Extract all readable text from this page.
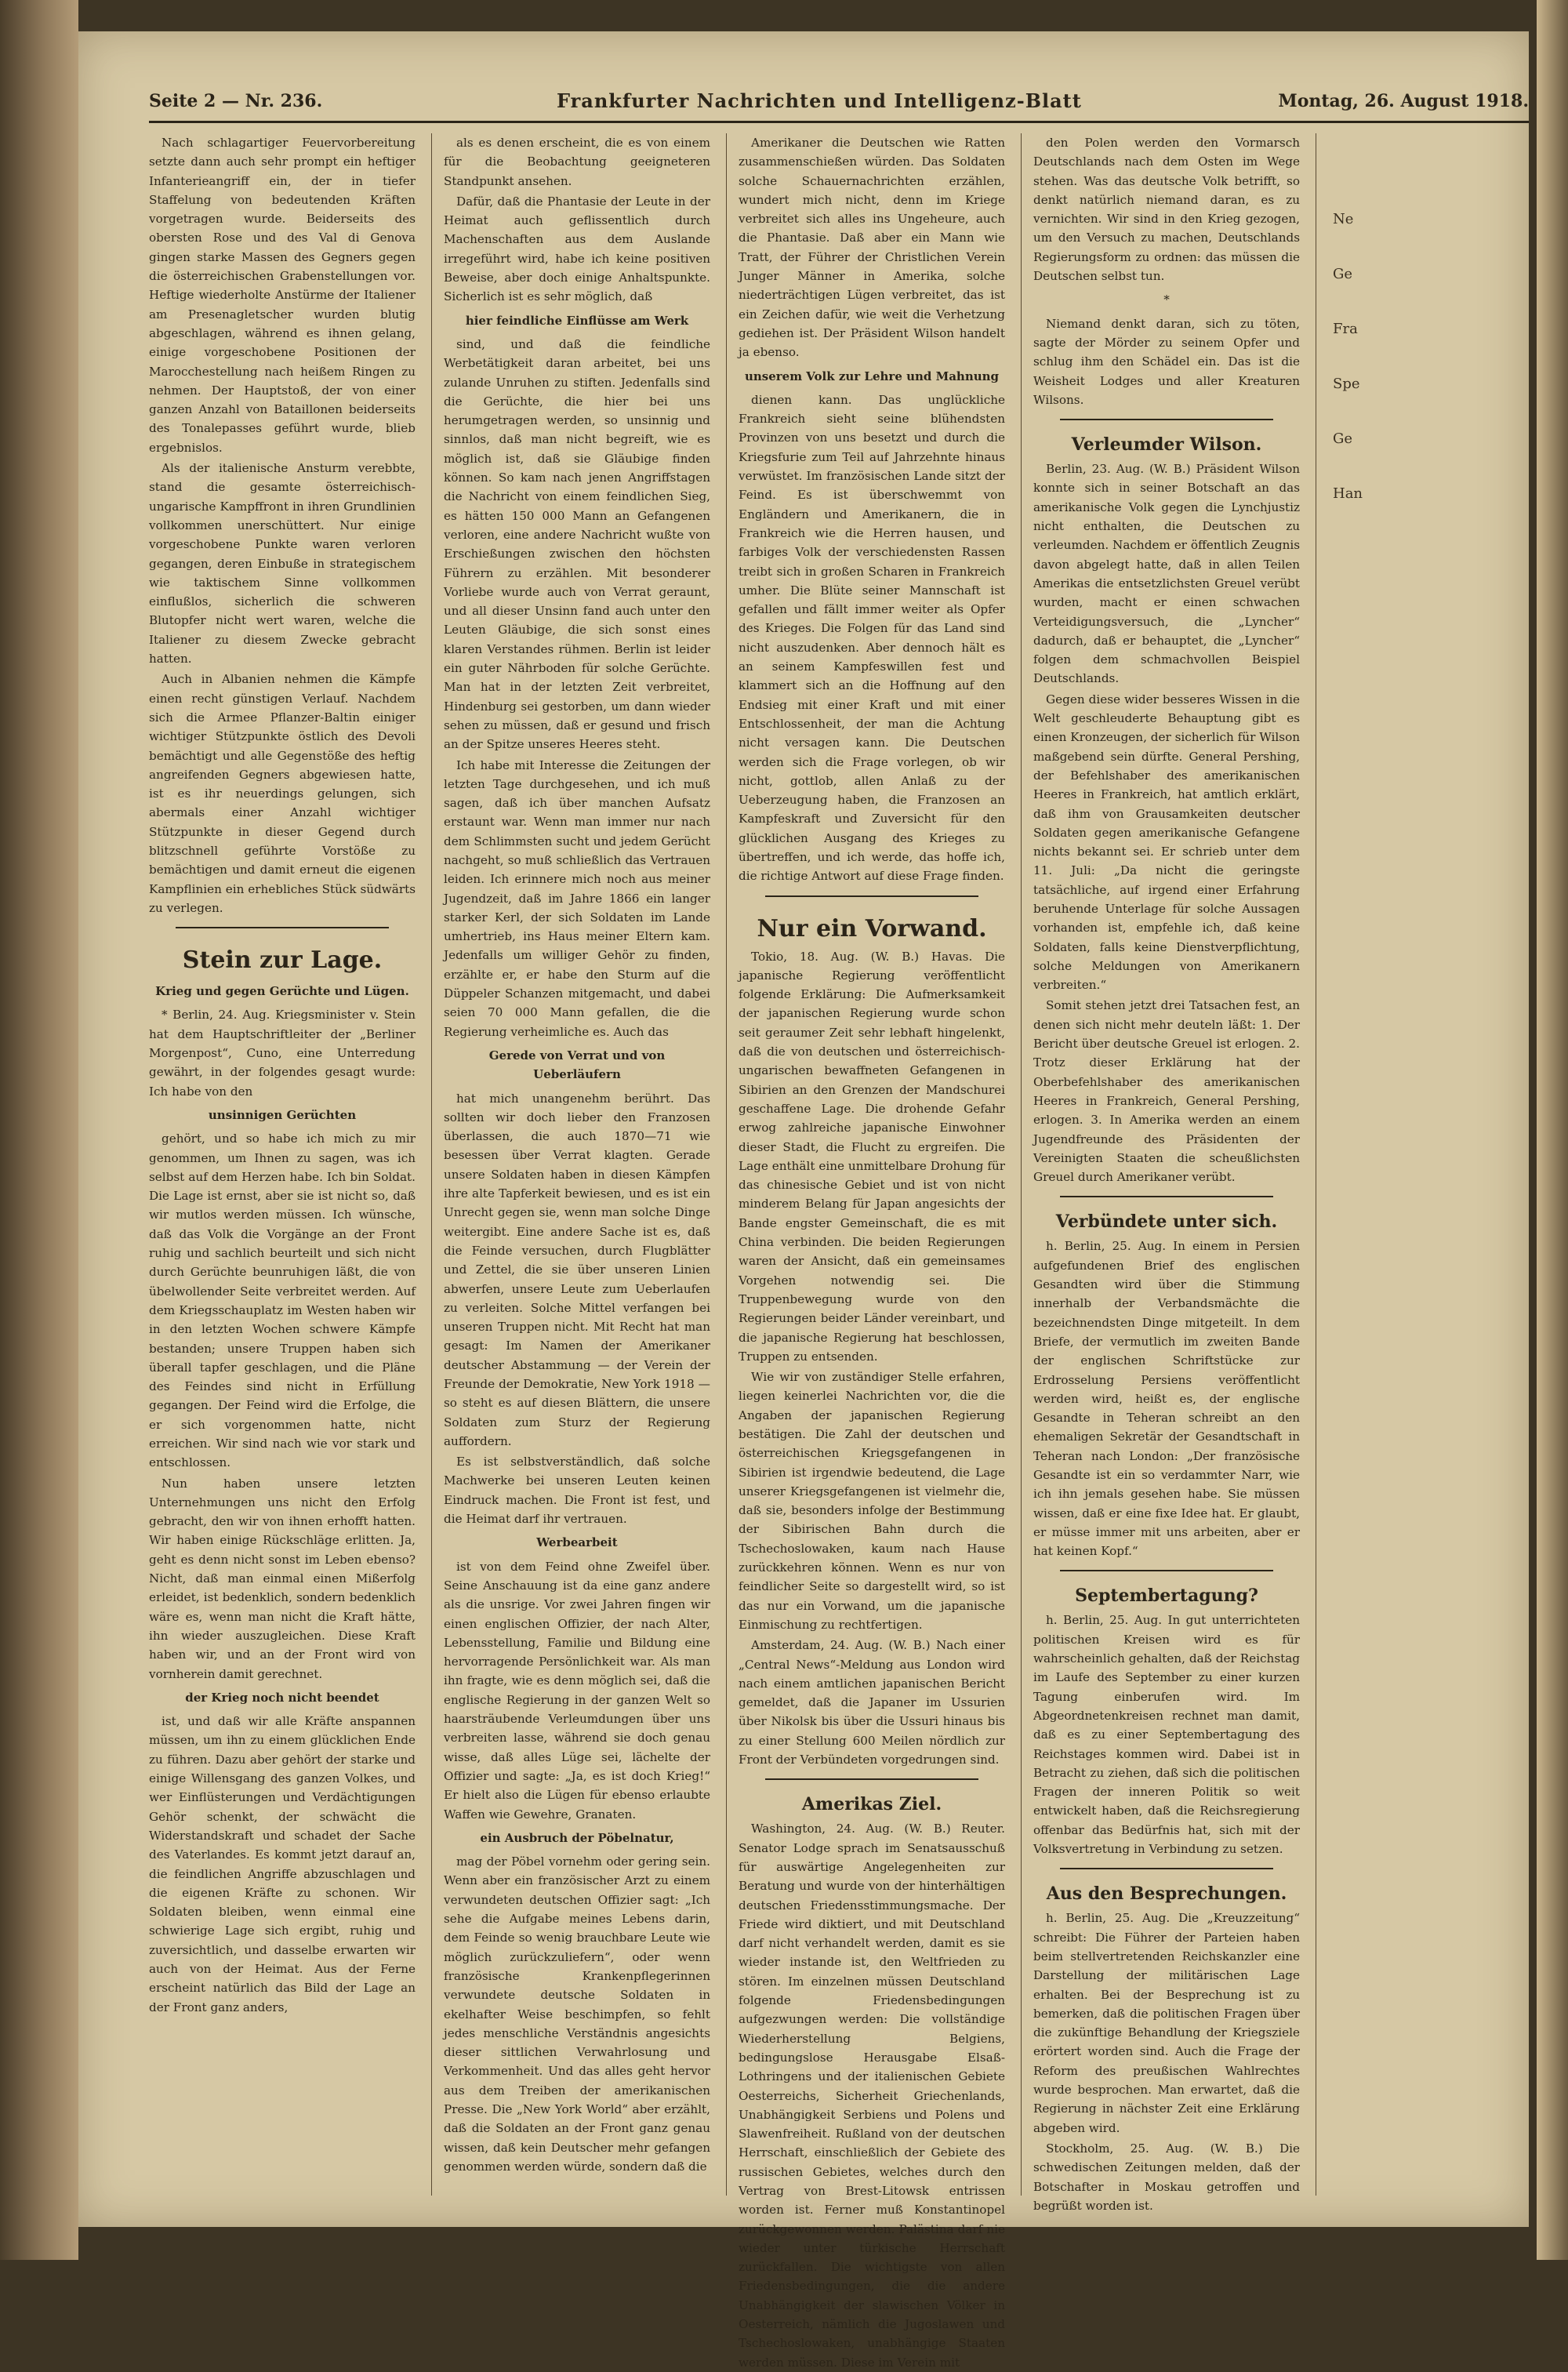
Seite 2 — Nr. 236.	Frankfurter Nachrichten und Intelligenz-Blatt	Montag, 26. August 1918.

Nach schlagartiger Feuervorbereitung setzte dann auch sehr prompt ein heftiger Infanterieangriff ein, der in tiefer Staffelung von bedeutenden Kräften vorgetragen wurde. Beiderseits des obersten Rose und des Val di Genova gingen starke Massen des Gegners gegen die österreichischen Grabenstellungen vor. Heftige wiederholte Anstürme der Italiener am Presenagletscher wurden blutig abgeschlagen, während es ihnen gelang, einige vorgeschobene Positionen der Marocchestellung nach heißem Ringen zu nehmen. Der Hauptstoß, der von einer ganzen Anzahl von Bataillonen beiderseits des Tonalepasses geführt wurde, blieb ergebnislos.

Als der italienische Ansturm verebbte, stand die gesamte österreichisch-ungarische Kampffront in ihren Grundlinien vollkommen unerschüttert. Nur einige vorgeschobene Punkte waren verloren gegangen, deren Einbuße in strategischem wie taktischem Sinne vollkommen einflußlos, sicherlich die schweren Blutopfer nicht wert waren, welche die Italiener zu diesem Zwecke gebracht hatten.

Auch in Albanien nehmen die Kämpfe einen recht günstigen Verlauf. Nachdem sich die Armee Pflanzer-Baltin einiger wichtiger Stützpunkte östlich des Devoli bemächtigt und alle Gegenstöße des heftig angreifenden Gegners abgewiesen hatte, ist es ihr neuerdings gelungen, sich abermals einer Anzahl wichtiger Stützpunkte in dieser Gegend durch blitzschnell geführte Vorstöße zu bemächtigen und damit erneut die eigenen Kampflinien ein erhebliches Stück südwärts zu verlegen.

Stein zur Lage.
Krieg und gegen Gerüchte und Lügen.

* Berlin, 24. Aug. Kriegsminister v. Stein hat dem Hauptschriftleiter der „Berliner Morgenpost“, Cuno, eine Unterredung gewährt, in der folgendes gesagt wurde: Ich habe von den

unsinnigen Gerüchten

gehört, und so habe ich mich zu mir genommen, um Ihnen zu sagen, was ich selbst auf dem Herzen habe. Ich bin Soldat. Die Lage ist ernst, aber sie ist nicht so, daß wir mutlos werden müssen. Ich wünsche, daß das Volk die Vorgänge an der Front ruhig und sachlich beurteilt und sich nicht durch Gerüchte beunruhigen läßt, die von übelwollender Seite verbreitet werden. Auf dem Kriegsschauplatz im Westen haben wir in den letzten Wochen schwere Kämpfe bestanden; unsere Truppen haben sich überall tapfer geschlagen, und die Pläne des Feindes sind nicht in Erfüllung gegangen. Der Feind wird die Erfolge, die er sich vorgenommen hatte, nicht erreichen. Wir sind nach wie vor stark und entschlossen.

Nun haben unsere letzten Unternehmungen uns nicht den Erfolg gebracht, den wir von ihnen erhofft hatten. Wir haben einige Rückschläge erlitten. Ja, geht es denn nicht sonst im Leben ebenso? Nicht, daß man einmal einen Mißerfolg erleidet, ist bedenklich, sondern bedenklich wäre es, wenn man nicht die Kraft hätte, ihn wieder auszugleichen. Diese Kraft haben wir, und an der Front wird von vornherein damit gerechnet.

der Krieg noch nicht beendet

ist, und daß wir alle Kräfte anspannen müssen, um ihn zu einem glücklichen Ende zu führen. Dazu aber gehört der starke und einige Willensgang des ganzen Volkes, und wer Einflüsterungen und Verdächtigungen Gehör schenkt, der schwächt die Widerstandskraft und schadet der Sache des Vaterlandes. Es kommt jetzt darauf an, die feindlichen Angriffe abzuschlagen und die eigenen Kräfte zu schonen. Wir Soldaten bleiben, wenn einmal eine schwierige Lage sich ergibt, ruhig und zuversichtlich, und dasselbe erwarten wir auch von der Heimat. Aus der Ferne erscheint natürlich das Bild der Lage an der Front ganz anders,

als es denen erscheint, die es von einem für die Beobachtung geeigneteren Standpunkt ansehen.

Dafür, daß die Phantasie der Leute in der Heimat auch geflissentlich durch Machenschaften aus dem Auslande irregeführt wird, habe ich keine positiven Beweise, aber doch einige Anhaltspunkte. Sicherlich ist es sehr möglich, daß

hier feindliche Einflüsse am Werk

sind, und daß die feindliche Werbetätigkeit daran arbeitet, bei uns zulande Unruhen zu stiften. Jedenfalls sind die Gerüchte, die hier bei uns herumgetragen werden, so unsinnig und sinnlos, daß man nicht begreift, wie es möglich ist, daß sie Gläubige finden können. So kam nach jenen Angriffstagen die Nachricht von einem feindlichen Sieg, es hätten 150 000 Mann an Gefangenen verloren, eine andere Nachricht wußte von Erschießungen zwischen den höchsten Führern zu erzählen. Mit besonderer Vorliebe wurde auch von Verrat geraunt, und all dieser Unsinn fand auch unter den Leuten Gläubige, die sich sonst eines klaren Verstandes rühmen. Berlin ist leider ein guter Nährboden für solche Gerüchte. Man hat in der letzten Zeit verbreitet, Hindenburg sei gestorben, um dann wieder sehen zu müssen, daß er gesund und frisch an der Spitze unseres Heeres steht.

Ich habe mit Interesse die Zeitungen der letzten Tage durchgesehen, und ich muß sagen, daß ich über manchen Aufsatz erstaunt war. Wenn man immer nur nach dem Schlimmsten sucht und jedem Gerücht nachgeht, so muß schließlich das Vertrauen leiden. Ich erinnere mich noch aus meiner Jugendzeit, daß im Jahre 1866 ein langer starker Kerl, der sich Soldaten im Lande umhertrieb, ins Haus meiner Eltern kam. Jedenfalls um williger Gehör zu finden, erzählte er, er habe den Sturm auf die Düppeler Schanzen mitgemacht, und dabei seien 70 000 Mann gefallen, die die Regierung verheimliche es. Auch das

Gerede von Verrat und von Ueberläufern

hat mich unangenehm berührt. Das sollten wir doch lieber den Franzosen überlassen, die auch 1870—71 wie besessen über Verrat klagten. Gerade unsere Soldaten haben in diesen Kämpfen ihre alte Tapferkeit bewiesen, und es ist ein Unrecht gegen sie, wenn man solche Dinge weitergibt. Eine andere Sache ist es, daß die Feinde versuchen, durch Flugblätter und Zettel, die sie über unseren Linien abwerfen, unsere Leute zum Ueberlaufen zu verleiten. Solche Mittel verfangen bei unseren Truppen nicht. Mit Recht hat man gesagt: Im Namen der Amerikaner deutscher Abstammung — der Verein der Freunde der Demokratie, New York 1918 — so steht es auf diesen Blättern, die unsere Soldaten zum Sturz der Regierung auffordern.

Es ist selbstverständlich, daß solche Machwerke bei unseren Leuten keinen Eindruck machen. Die Front ist fest, und die Heimat darf ihr vertrauen.

Werbearbeit

ist von dem Feind ohne Zweifel über. Seine Anschauung ist da eine ganz andere als die unsrige. Vor zwei Jahren fingen wir einen englischen Offizier, der nach Alter, Lebensstellung, Familie und Bildung eine hervorragende Persönlichkeit war. Als man ihn fragte, wie es denn möglich sei, daß die englische Regierung in der ganzen Welt so haarsträubende Verleumdungen über uns verbreiten lasse, während sie doch genau wisse, daß alles Lüge sei, lächelte der Offizier und sagte: „Ja, es ist doch Krieg!“ Er hielt also die Lügen für ebenso erlaubte Waffen wie Gewehre, Granaten.

ein Ausbruch der Pöbelnatur,

mag der Pöbel vornehm oder gering sein. Wenn aber ein französischer Arzt zu einem verwundeten deutschen Offizier sagt: „Ich sehe die Aufgabe meines Lebens darin, dem Feinde so wenig brauchbare Leute wie möglich zurückzuliefern“, oder wenn französische Krankenpflegerinnen verwundete deutsche Soldaten in ekelhafter Weise beschimpfen, so fehlt jedes menschliche Verständnis angesichts dieser sittlichen Verwahrlosung und Verkommenheit. Und das alles geht hervor aus dem Treiben der amerikanischen Presse. Die „New York World“ aber erzählt, daß die Soldaten an der Front ganz genau wissen, daß kein Deutscher mehr gefangen genommen werden würde, sondern daß die

Amerikaner die Deutschen wie Ratten zusammenschießen würden. Das Soldaten solche Schauernachrichten erzählen, wundert mich nicht, denn im Kriege verbreitet sich alles ins Ungeheure, auch die Phantasie. Daß aber ein Mann wie Tratt, der Führer der Christlichen Verein Junger Männer in Amerika, solche niederträchtigen Lügen verbreitet, das ist ein Zeichen dafür, wie weit die Verhetzung gediehen ist. Der Präsident Wilson handelt ja ebenso.

unserem Volk zur Lehre und Mahnung

dienen kann. Das unglückliche Frankreich sieht seine blühendsten Provinzen von uns besetzt und durch die Kriegsfurie zum Teil auf Jahrzehnte hinaus verwüstet. Im französischen Lande sitzt der Feind. Es ist überschwemmt von Engländern und Amerikanern, die in Frankreich wie die Herren hausen, und farbiges Volk der verschiedensten Rassen treibt sich in großen Scharen in Frankreich umher. Die Blüte seiner Mannschaft ist gefallen und fällt immer weiter als Opfer des Krieges. Die Folgen für das Land sind nicht auszudenken. Aber dennoch hält es an seinem Kampfeswillen fest und klammert sich an die Hoffnung auf den Endsieg mit einer Kraft und mit einer Entschlossenheit, der man die Achtung nicht versagen kann. Die Deutschen werden sich die Frage vorlegen, ob wir nicht, gottlob, allen Anlaß zu der Ueberzeugung haben, die Franzosen an Kampfeskraft und Zuversicht für den glücklichen Ausgang des Krieges zu übertreffen, und ich werde, das hoffe ich, die richtige Antwort auf diese Frage finden.

Nur ein Vorwand.

Tokio, 18. Aug. (W. B.) Havas. Die japanische Regierung veröffentlicht folgende Erklärung: Die Aufmerksamkeit der japanischen Regierung wurde schon seit geraumer Zeit sehr lebhaft hingelenkt, daß die von deutschen und österreichisch-ungarischen bewaffneten Gefangenen in Sibirien an den Grenzen der Mandschurei geschaffene Lage. Die drohende Gefahr erwog zahlreiche japanische Einwohner dieser Stadt, die Flucht zu ergreifen. Die Lage enthält eine unmittelbare Drohung für das chinesische Gebiet und ist von nicht minderem Belang für Japan angesichts der Bande engster Gemeinschaft, die es mit China verbinden. Die beiden Regierungen waren der Ansicht, daß ein gemeinsames Vorgehen notwendig sei. Die Truppenbewegung wurde von den Regierungen beider Länder vereinbart, und die japanische Regierung hat beschlossen, Truppen zu entsenden.

Wie wir von zuständiger Stelle erfahren, liegen keinerlei Nachrichten vor, die die Angaben der japanischen Regierung bestätigen. Die Zahl der deutschen und österreichischen Kriegsgefangenen in Sibirien ist irgendwie bedeutend, die Lage unserer Kriegsgefangenen ist vielmehr die, daß sie, besonders infolge der Bestimmung der Sibirischen Bahn durch die Tschechoslowaken, kaum nach Hause zurückkehren können. Wenn es nur von feindlicher Seite so dargestellt wird, so ist das nur ein Vorwand, um die japanische Einmischung zu rechtfertigen.

Amsterdam, 24. Aug. (W. B.) Nach einer „Central News“-Meldung aus London wird nach einem amtlichen japanischen Bericht gemeldet, daß die Japaner im Ussurien über Nikolsk bis über die Ussuri hinaus bis zu einer Stellung 600 Meilen nördlich zur Front der Verbündeten vorgedrungen sind.

Amerikas Ziel.

Washington, 24. Aug. (W. B.) Reuter. Senator Lodge sprach im Senatsausschuß für auswärtige Angelegenheiten zur Beratung und wurde von der hinterhältigen deutschen Friedensstimmungsmache. Der Friede wird diktiert, und mit Deutschland darf nicht verhandelt werden, damit es sie wieder instande ist, den Weltfrieden zu stören. Im einzelnen müssen Deutschland folgende Friedensbedingungen aufgezwungen werden: Die vollständige Wiederherstellung Belgiens, bedingungslose Herausgabe Elsaß-Lothringens und der italienischen Gebiete Oesterreichs, Sicherheit Griechenlands, Unabhängigkeit Serbiens und Polens und Slawenfreiheit. Rußland von der deutschen Herrschaft, einschließlich der Gebiete des russischen Gebietes, welches durch den Vertrag von Brest-Litowsk entrissen worden ist. Ferner muß Konstantinopel zurückgewonnen werden. Palästina darf nie wieder unter türkische Herrschaft zurückfallen. Die wichtigste von allen Friedensbedingungen, die die andere Unabhängigkeit der slawischen Völker in Oesterreich, nämlich die Jugoslawen und Tschechoslowaken, unabhängige Staaten werden müssen. Diese im Verein mit

den Polen werden den Vormarsch Deutschlands nach dem Osten im Wege stehen. Was das deutsche Volk betrifft, so denkt natürlich niemand daran, es zu vernichten. Wir sind in den Krieg gezogen, um den Versuch zu machen, Deutschlands Regierungsform zu ordnen: das müssen die Deutschen selbst tun.

*

Niemand denkt daran, sich zu töten, sagte der Mörder zu seinem Opfer und schlug ihm den Schädel ein. Das ist die Weisheit Lodges und aller Kreaturen Wilsons.

Verleumder Wilson.

Berlin, 23. Aug. (W. B.) Präsident Wilson konnte sich in seiner Botschaft an das amerikanische Volk gegen die Lynchjustiz nicht enthalten, die Deutschen zu verleumden. Nachdem er öffentlich Zeugnis davon abgelegt hatte, daß in allen Teilen Amerikas die entsetzlichsten Greuel verübt wurden, macht er einen schwachen Verteidigungsversuch, die „Lyncher“ dadurch, daß er behauptet, die „Lyncher“ folgen dem schmachvollen Beispiel Deutschlands.

Gegen diese wider besseres Wissen in die Welt geschleuderte Behauptung gibt es einen Kronzeugen, der sicherlich für Wilson maßgebend sein dürfte. General Pershing, der Befehlshaber des amerikanischen Heeres in Frankreich, hat amtlich erklärt, daß ihm von Grausamkeiten deutscher Soldaten gegen amerikanische Gefangene nichts bekannt sei. Er schrieb unter dem 11. Juli: „Da nicht die geringste tatsächliche, auf irgend einer Erfahrung beruhende Unterlage für solche Aussagen vorhanden ist, empfehle ich, daß keine Soldaten, falls keine Dienstverpflichtung, solche Meldungen von Amerikanern verbreiten.“

Somit stehen jetzt drei Tatsachen fest, an denen sich nicht mehr deuteln läßt: 1. Der Bericht über deutsche Greuel ist erlogen. 2. Trotz dieser Erklärung hat der Oberbefehlshaber des amerikanischen Heeres in Frankreich, General Pershing, erlogen. 3. In Amerika werden an einem Jugendfreunde des Präsidenten der Vereinigten Staaten die scheußlichsten Greuel durch Amerikaner verübt.

Verbündete unter sich.

h. Berlin, 25. Aug. In einem in Persien aufgefundenen Brief des englischen Gesandten wird über die Stimmung innerhalb der Verbandsmächte die bezeichnendsten Dinge mitgeteilt. In dem Briefe, der vermutlich im zweiten Bande der englischen Schriftstücke zur Erdrosselung Persiens veröffentlicht werden wird, heißt es, der englische Gesandte in Teheran schreibt an den ehemaligen Sekretär der Gesandtschaft in Teheran nach London: „Der französische Gesandte ist ein so verdammter Narr, wie ich ihn jemals gesehen habe. Sie müssen wissen, daß er eine fixe Idee hat. Er glaubt, er müsse immer mit uns arbeiten, aber er hat keinen Kopf.“

Septembertagung?

h. Berlin, 25. Aug. In gut unterrichteten politischen Kreisen wird es für wahrscheinlich gehalten, daß der Reichstag im Laufe des September zu einer kurzen Tagung einberufen wird. Im Abgeordnetenkreisen rechnet man damit, daß es zu einer Septembertagung des Reichstages kommen wird. Dabei ist in Betracht zu ziehen, daß sich die politischen Fragen der inneren Politik so weit entwickelt haben, daß die Reichsregierung offenbar das Bedürfnis hat, sich mit der Volksvertretung in Verbindung zu setzen.

Aus den Besprechungen.

h. Berlin, 25. Aug. Die „Kreuzzeitung“ schreibt: Die Führer der Parteien haben beim stellvertretenden Reichskanzler eine Darstellung der militärischen Lage erhalten. Bei der Besprechung ist zu bemerken, daß die politischen Fragen über die zukünftige Behandlung der Kriegsziele erörtert worden sind. Auch die Frage der Reform des preußischen Wahlrechtes wurde besprochen. Man erwartet, daß die Regierung in nächster Zeit eine Erklärung abgeben wird.

Stockholm, 25. Aug. (W. B.) Die schwedischen Zeitungen melden, daß der Botschafter in Moskau getroffen und begrüßt worden ist.

Ne
Ge
Fra
Spe
Ge
Han
